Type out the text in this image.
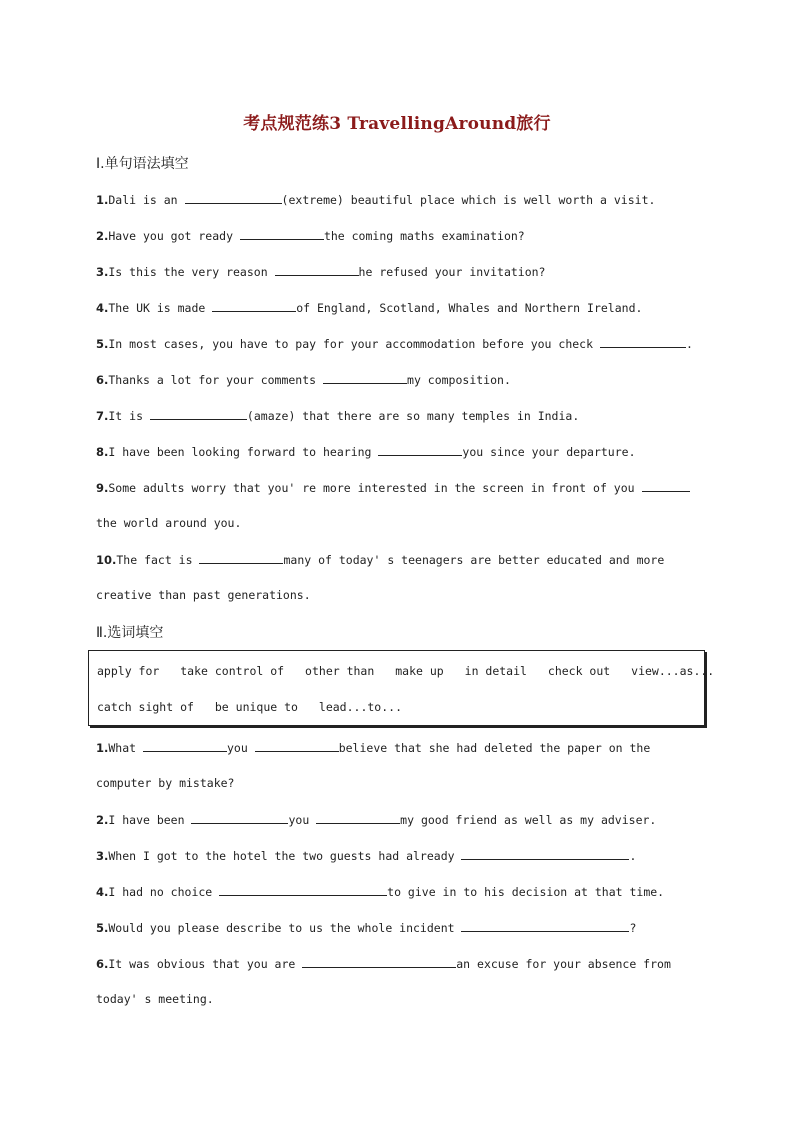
考点规范练3 TravellingAround旅行
Ⅰ.单句语法填空
1.Dali is an	(extreme) beautiful place which is well worth a visit.
2.Have you got ready	the coming maths examination?
3.Is this the very reason	he refused your invitation?
4.The UK is made	of England, Scotland, Whales and Northern Ireland.
5.In most cases, you have to pay for your accommodation before you check	.
6.Thanks a lot for your comments	my composition.
7.It is	(amaze) that there are so many temples in India.
8.I have been looking forward to hearing	you since your departure.
9.Some adults worry that you' re more interested in the screen in front of you
the world around you.
10.The fact is	many of today' s teenagers are better educated and more
creative than past generations.
Ⅱ.选词填空
apply for take control of other than make up in detail check out view...as...
catch sight of be unique to lead...to...
1.What	you	believe that she had deleted the paper on the
computer by mistake?
2.I have been	you	my good friend as well as my adviser.
3.When I got to the hotel the two guests had already	.
4.I had no choice	to give in to his decision at that time.
5.Would you please describe to us the whole incident	?
6.It was obvious that you are	an excuse for your absence from
today' s meeting.
